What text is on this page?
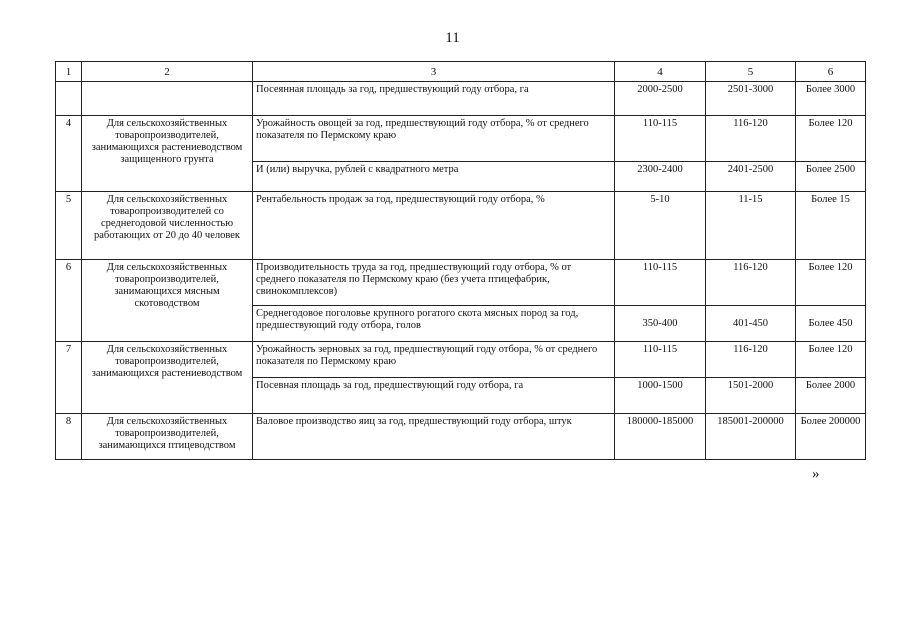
11
1	2	3	4	5	6
		Посеянная площадь за год, предшествующий году отбора, га	2000-2500	2501-3000	Более 3000
4	Для сельскохозяйственных товаропроизводителей, занимающихся растениеводством защищенного грунта	Урожайность овощей за год, предшествующий году отбора, % от среднего показателя по Пермскому краю	110-115	116-120	Более 120
		И (или) выручка, рублей с квадратного метра	2300-2400	2401-2500	Более 2500
5	Для сельскохозяйственных товаропроизводителей со среднегодовой численностью работающих от 20 до 40 человек	Рентабельность продаж за год, предшествующий году отбора, %	5-10	11-15	Более 15
6	Для сельскохозяйственных товаропроизводителей, занимающихся мясным скотоводством	Производительность труда за год, предшествующий году отбора, % от среднего показателя по Пермскому краю (без учета птицефабрик, свинокомплексов)	110-115	116-120	Более 120
		Среднегодовое поголовье крупного рогатого скота мясных пород за год, предшествующий году отбора, голов	350-400	401-450	Более 450
7	Для сельскохозяйственных товаропроизводителей, занимающихся растениеводством	Урожайность зерновых за год, предшествующий году отбора, % от среднего показателя по Пермскому краю	110-115	116-120	Более 120
		Посевная площадь за год, предшествующий году отбора, га	1000-1500	1501-2000	Более 2000
8	Для сельскохозяйственных товаропроизводителей, занимающихся птицеводством	Валовое производство яиц за год, предшествующий году отбора, штук	180000-185000	185001-200000	Более 200000
»
